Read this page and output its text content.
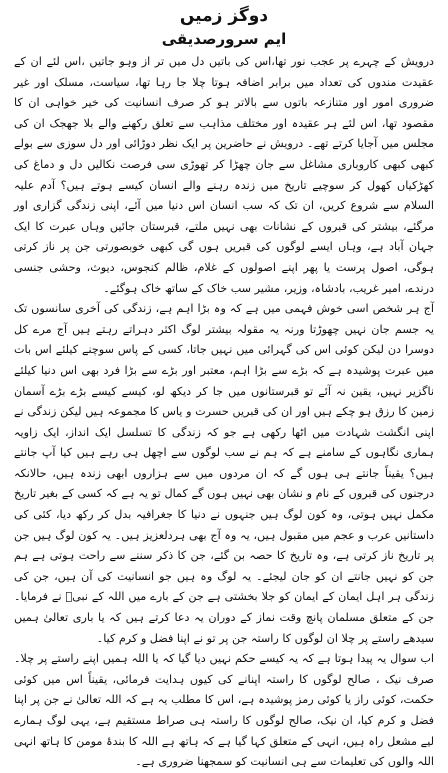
دوگز زمیں
ایم سرورصدیقی

درویش کے چہرے پر عجب نور تھا،اس کی باتیں دل میں تر از وہو جاتیں ،اس لئے ان کے عقیدت مندوں کی تعداد میں برابر اضافہ ہوتا چلا جا رہا تھا، سیاست، مسلک اور غیر ضروری امور اور متنازعہ باتوں سے بالاتر ہو کر صرف انسانیت کی خیر خواہی ان کا مقصود تھا، اس لئے ہر عقیدہ اور مختلف مذاہب سے تعلق رکھنے والے بلا جھجک ان کی مجلس میں آجایا کرتے تھے۔ درویش نے حاضرین پر ایک نظر دوڑائی اور دل سوزی سے بولے کبھی کبھی کاروباری مشاغل سے جان چھڑا کر تھوڑی سی فرصت نکالیں دل و دماغ کی کھڑکیاں کھول کر سوچیے تاریخ میں زندہ رہنے والے انسان کیسے ہوتے ہیں؟ آدم علیہ السلام سے شروع کریں، ان تک کہ سب انسان اس دنیا میں آئے، اپنی زندگی گزاری اور مرگئے، بیشتر کی قبروں کے نشانات بھی نہیں ملتے، قبرستان جائیں وہاں عبرت کا ایک جہان آباد ہے، وہاں ایسے لوگوں کی قبریں ہوں گی کبھی خوبصورتی جن پر ناز کرتی ہوگی، اصول پرست یا پھر اپنے اصولوں کے غلام، ظالم کنجوس، دیوث، وحشی جنسی درندے، امیر غریب، بادشاہ، وزیر، مشیر سب خاک کے ساتھ خاک ہوگئے۔

آج ہر شخص اسی خوش فہمی میں ہے کہ وہ بڑا اہم ہے، زندگی کی آخری سانسوں تک یہ جسم جان نہیں چھوڑتا ورنہ یہ مقولہ بیشتر لوگ اکثر دہراتے رہتے ہیں آج مرے کل دوسرا دن لیکن کوئی اس کی گہرائی میں نہیں جاتا، کسی کے پاس سوچنے کیلئے اس بات میں عبرت پوشیدہ ہے کہ بڑے سے بڑا اہم، معتبر اور بڑے سے بڑا فرد بھی اس دنیا کیلئے ناگزیر نہیں، یقین نہ آئے تو قبرستانوں میں جا کر دیکھ لو، کیسے کیسے بڑے بڑے آسمان زمین کا رزق ہو چکے ہیں اور ان کی قبریں حسرت و یاس کا مجموعہ ہیں لیکن زندگی نے اپنی انگشت شہادت میں اٹھا رکھی ہے جو کہ زندگی کا تسلسل ایک انداز، ایک زاویہ ہماری نگاہوں کے سامنے ہے کہ ہم نے سب لوگوں سے اچھل ہی رہے ہیں کیا آپ جانتے ہیں؟ یقیناً جانتے ہی ہوں گے کہ ان مردوں میں سے ہزاروں ابھی زندہ ہیں، حالانکہ درجنوں کی قبروں کے نام و نشان بھی نہیں ہوں گے کمال تو یہ ہے کہ کسی کے بغیر تاریخ مکمل نہیں ہوتی، وہ کون لوگ ہیں جنہوں نے دنیا کا جغرافیہ بدل کر رکھ دیا، کئی کی داستانیں عرب و عجم میں مقبول ہیں، یہ وہ آج بھی ہردلعزیز ہیں۔ یہ کون لوگ ہیں جن پر تاریخ ناز کرتی ہے، وہ تاریخ کا حصہ بن گئے، جن کا ذکر سننے سے راحت ہوتی ہے ہم جن کو نہیں جانتے ان کو جان لیجئے۔ یہ لوگ وہ ہیں جو انسانیت کی آن ہیں، جن کی زندگی ہر اہل ایمان کے ایمان کو جلا بخشتی ہے جن کے بارے میں اللہ کے نبیؐ نے فرمایا۔ جن کے متعلق مسلمان پانچ وقت نماز کے دوران یہ دعا کرتے ہیں کہ یا باری تعالیٰ ہمیں سیدھے راستے پر چلا ان لوگوں کا راستہ جن پر تو نے اپنا فضل و کرم کیا۔

اب سوال یہ پیدا ہوتا ہے کہ یہ کیسے حکم نہیں دیا گیا کہ یا اللہ ہمیں اپنے راستے پر چلا۔ صرف نیک ، صالح لوگوں کا راستہ اپنانے کی کیوں ہدایت فرمائی، یقیناً اس میں کوئی حکمت، کوئی راز یا کوئی رمز پوشیدہ ہے، اس کا مطلب یہ ہے کہ اللہ تعالیٰ نے جن پر اپنا فضل و کرم کیا، ان نیک، صالح لوگوں کا راستہ ہی صراط مستقیم ہے، یہی لوگ ہمارے لیے مشعل راہ ہیں، انہی کے متعلق کہا گیا ہے کہ ہاتھ ہے اللہ کا بندۂ مومن کا ہاتھ انہی اللہ والوں کی تعلیمات سے ہی انسانیت کو سمجھنا ضروری ہے۔
